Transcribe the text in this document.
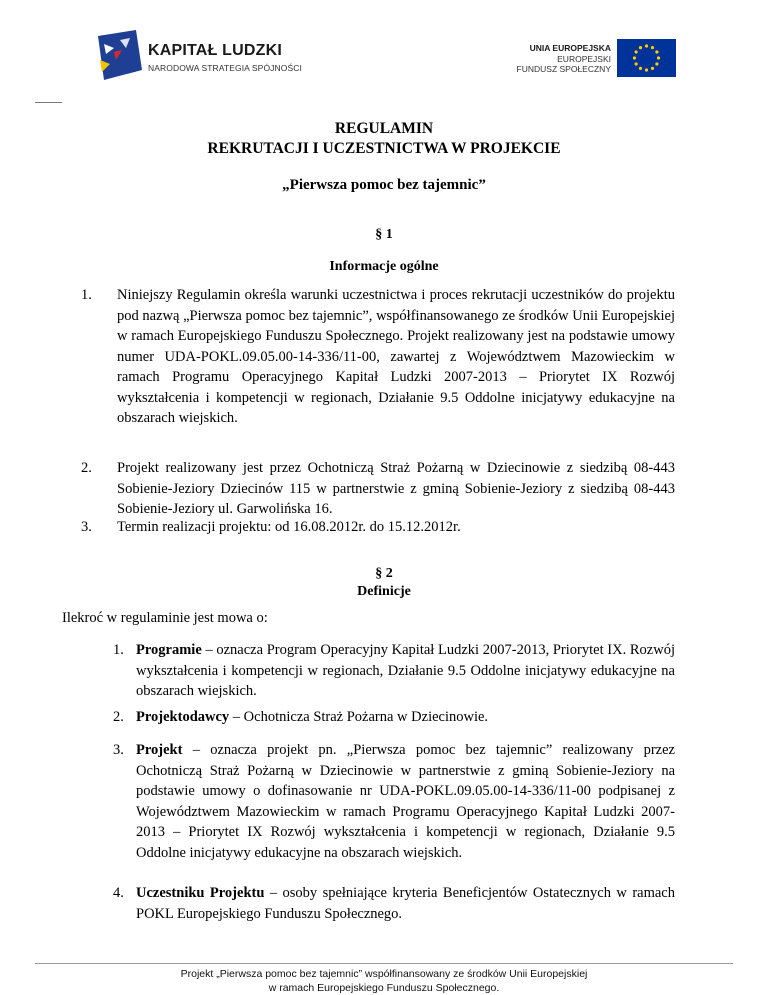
KAPITAŁ LUDZKI
NARODOWA STRATEGIA SPÓJNOŚCI
UNIA EUROPEJSKA
EUROPEJSKI
FUNDUSZ SPOŁECZNY
REGULAMIN
REKRUTACJI I UCZESTNICTWA W PROJEKCIE
„Pierwsza pomoc bez tajemnic”
§ 1
Informacje ogólne
1. Niniejszy Regulamin określa warunki uczestnictwa i proces rekrutacji uczestników do projektu pod nazwą „Pierwsza pomoc bez tajemnic”, współfinansowanego ze środków Unii Europejskiej w ramach Europejskiego Funduszu Społecznego. Projekt realizowany jest na podstawie umowy numer UDA-POKL.09.05.00-14-336/11-00, zawartej z Województwem Mazowieckim w ramach Programu Operacyjnego Kapitał Ludzki 2007-2013 – Priorytet IX Rozwój wykształcenia i kompetencji w regionach, Działanie 9.5 Oddolne inicjatywy edukacyjne na obszarach wiejskich.
2. Projekt realizowany jest przez Ochotniczą Straż Pożarną w Dziecinowie z siedzibą 08-443 Sobienie-Jeziory Dziecinów 115 w partnerstwie z gminą Sobienie-Jeziory z siedzibą 08-443 Sobienie-Jeziory ul. Garwolińska 16.
3. Termin realizacji projektu: od 16.08.2012r. do 15.12.2012r.
§ 2
Definicje
Ilekroć w regulaminie jest mowa o:
1. Programie – oznacza Program Operacyjny Kapitał Ludzki 2007-2013, Priorytet IX. Rozwój wykształcenia i kompetencji w regionach, Działanie 9.5 Oddolne inicjatywy edukacyjne na obszarach wiejskich.
2. Projektodawcy – Ochotnicza Straż Pożarna w Dziecinowie.
3. Projekt – oznacza projekt pn. „Pierwsza pomoc bez tajemnic” realizowany przez Ochotniczą Straż Pożarną w Dziecinowie w partnerstwie z gminą Sobienie-Jeziory na podstawie umowy o dofinasowanie nr UDA-POKL.09.05.00-14-336/11-00 podpisanej z Województwem Mazowieckim w ramach Programu Operacyjnego Kapitał Ludzki 2007-2013 – Priorytet IX Rozwój wykształcenia i kompetencji w regionach, Działanie 9.5 Oddolne inicjatywy edukacyjne na obszarach wiejskich.
4. Uczestniku Projektu – osoby spełniające kryteria Beneficjentów Ostatecznych w ramach POKL Europejskiego Funduszu Społecznego.
Projekt „Pierwsza pomoc bez tajemnic” współfinansowany ze środków Unii Europejskiej
w ramach Europejskiego Funduszu Społecznego.
